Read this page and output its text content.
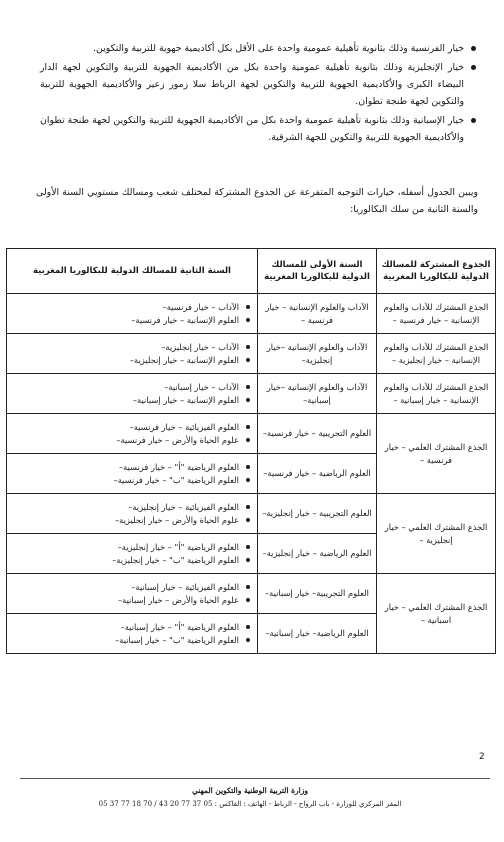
خيار الفرنسية وذلك بثانوية تأهيلية عمومية واحدة على الأقل بكل أكاديمية جهوية للتربية والتكوين.
خيار الإنجليزية وذلك بثانوية تأهيلية عمومية واحدة بكل من الأكاديمية الجهوية للتربية والتكوين لجهة الدار البيضاء الكبرى والأكاديمية الجهوية للتربية والتكوين لجهة الرباط سلا زمور زعير والأكاديمية الجهوية للتربية والتكوين لجهة طنجة تطوان.
خيار الإسبانية وذلك بثانوية تأهيلية عمومية واحدة بكل من الأكاديمية الجهوية للتربية والتكوين لجهة طنجة تطوان والأكاديمية الجهوية للتربية والتكوين للجهة الشرقية.

ويبين الجدول أسفله، خيارات التوجيه المتفرعة عن الجذوع المشتركة لمختلف شعب ومسالك مستويي السنة الأولى والسنة الثانية من سلك البكالوريا:

الجذوع المشتركة للمسالك الدولية للبكالوريا المغربية	السنة الأولى للمسالك الدولية للبكالوريا المغربية	السنة الثانية للمسالك الدولية للبكالوريا المغربية
الجذع المشترك للآداب والعلوم الإنسانية – خيار فرنسية –	الآداب والعلوم الإنسانية – خيار فرنسية –	الآداب – خيار فرنسية–
العلوم الإنسانية – خيار فرنسية–

الجذع المشترك للآداب والعلوم الإنسانية – خيار إنجليزية –	الآداب والعلوم الإنسانية –خيار إنجليزية–	الآداب – خيار إنجليزية–
العلوم الإنسانية – خيار إنجليزية–

الجذع المشترك للآداب والعلوم الإنسانية – خيار إسبانية –	الآداب والعلوم الإنسانية –خيار إسبانية–	الآداب – خيار إسبانية–
العلوم الإنسانية – خيار إسبانية–

الجذع المشترك العلمي – خيار فرنسية –	العلوم التجريبية – خيار فرنسية–	العلوم الفيزيائية – خيار فرنسية–
علوم الحياة والأرض – خيار فرنسية–

	العلوم الرياضية – خيار فرنسية–	العلوم الرياضية "أ" – خيار فرنسية–
العلوم الرياضية "ب" – خيار فرنسية–

الجذع المشترك العلمي – خيار إنجليزية –	العلوم التجريبية – خيار إنجليزية–	العلوم الفيزيائية – خيار إنجليزية–
علوم الحياة والأرض – خيار إنجليزية–

	العلوم الرياضية – خيار إنجليزية–	العلوم الرياضية "أ" – خيار إنجليزية–
العلوم الرياضية "ب" – خيار إنجليزية–

الجذع المشترك العلمي – خيار اسبانية –	العلوم التجريبية– خيار إسبانية–	العلوم الفيزيائية – خيار إسبانية–
علوم الحياة والأرض – خيار إسبانية–

	العلوم الرياضية– خيار إسبانية–	العلوم الرياضية "أ" – خيار إسبانية–
العلوم الرياضية "ب" – خيار إسبانية–
2
وزارة التربية الوطنية والتكوين المهني
المقر المركزي للوزارة - باب الرواح - الرباط - الهاتف : 05 37 77 18 70 / الفاكس : 05 37 77 20 43
